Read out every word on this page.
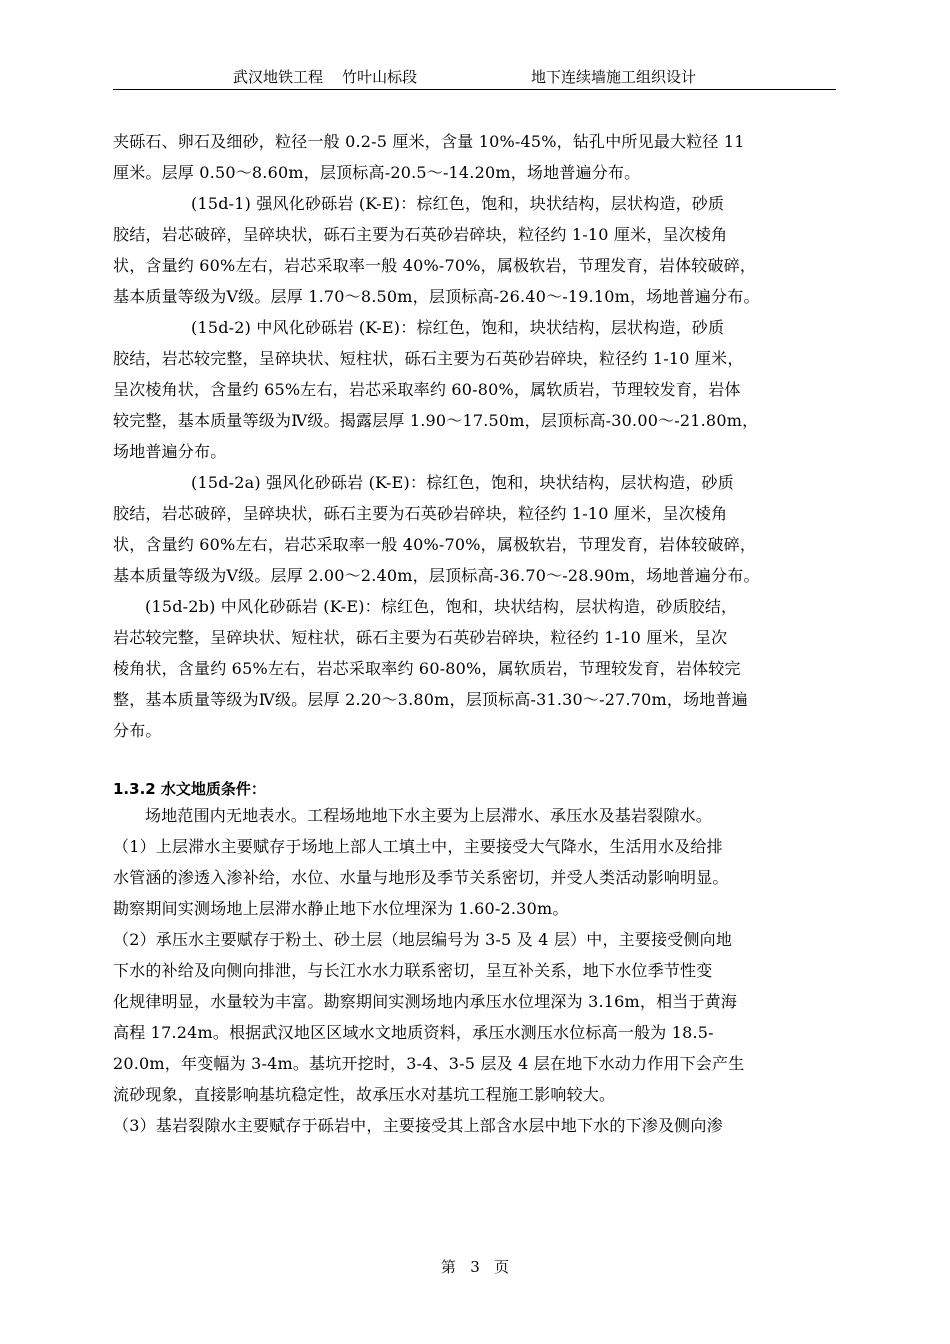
武汉地铁工程    竹叶山标段	地下连续墙施工组织设计
夹砾石、卵石及细砂，粒径一般 0.2-5 厘米，含量 10%-45%，钻孔中所见最大粒径 11
厘米。层厚 0.50～8.60m，层顶标高-20.5～-14.20m，场地普遍分布。
(15d-1) 强风化砂砾岩 (K-E)：棕红色，饱和，块状结构，层状构造，砂质
胶结，岩芯破碎，呈碎块状，砾石主要为石英砂岩碎块，粒径约 1-10 厘米，呈次棱角
状，含量约 60%左右，岩芯采取率一般 40%-70%，属极软岩，节理发育，岩体较破碎，
基本质量等级为Ⅴ级。层厚 1.70～8.50m，层顶标高-26.40～-19.10m，场地普遍分布。
(15d-2) 中风化砂砾岩 (K-E)：棕红色，饱和，块状结构，层状构造，砂质
胶结，岩芯较完整，呈碎块状、短柱状，砾石主要为石英砂岩碎块，粒径约 1-10 厘米，
呈次棱角状，含量约 65%左右，岩芯采取率约 60-80%，属软质岩，节理较发育，岩体
较完整，基本质量等级为Ⅳ级。揭露层厚 1.90～17.50m，层顶标高-30.00～-21.80m，
场地普遍分布。
(15d-2a) 强风化砂砾岩 (K-E)：棕红色，饱和，块状结构，层状构造，砂质
胶结，岩芯破碎，呈碎块状，砾石主要为石英砂岩碎块，粒径约 1-10 厘米，呈次棱角
状，含量约 60%左右，岩芯采取率一般 40%-70%，属极软岩，节理发育，岩体较破碎，
基本质量等级为Ⅴ级。层厚 2.00～2.40m，层顶标高-36.70～-28.90m，场地普遍分布。
(15d-2b) 中风化砂砾岩 (K-E)：棕红色，饱和，块状结构，层状构造，砂质胶结，
岩芯较完整，呈碎块状、短柱状，砾石主要为石英砂岩碎块，粒径约 1-10 厘米，呈次
棱角状，含量约 65%左右，岩芯采取率约 60-80%，属软质岩，节理较发育，岩体较完
整，基本质量等级为Ⅳ级。层厚 2.20～3.80m，层顶标高-31.30～-27.70m，场地普遍
分布。
1.3.2 水文地质条件：
场地范围内无地表水。工程场地地下水主要为上层滞水、承压水及基岩裂隙水。
（1）上层滞水主要赋存于场地上部人工填土中，主要接受大气降水，生活用水及给排
水管涵的渗透入渗补给，水位、水量与地形及季节关系密切，并受人类活动影响明显。
勘察期间实测场地上层滞水静止地下水位埋深为 1.60-2.30m。
（2）承压水主要赋存于粉土、砂土层（地层编号为 3-5 及 4 层）中，主要接受侧向地
下水的补给及向侧向排泄，与长江水水力联系密切，呈互补关系，地下水位季节性变
化规律明显，水量较为丰富。勘察期间实测场地内承压水位埋深为 3.16m，相当于黄海
高程 17.24m。根据武汉地区区域水文地质资料，承压水测压水位标高一般为 18.5-
20.0m，年变幅为 3-4m。基坑开挖时，3-4、3-5 层及 4 层在地下水动力作用下会产生
流砂现象，直接影响基坑稳定性，故承压水对基坑工程施工影响较大。
（3）基岩裂隙水主要赋存于砾岩中，主要接受其上部含水层中地下水的下渗及侧向渗
第   3   页
